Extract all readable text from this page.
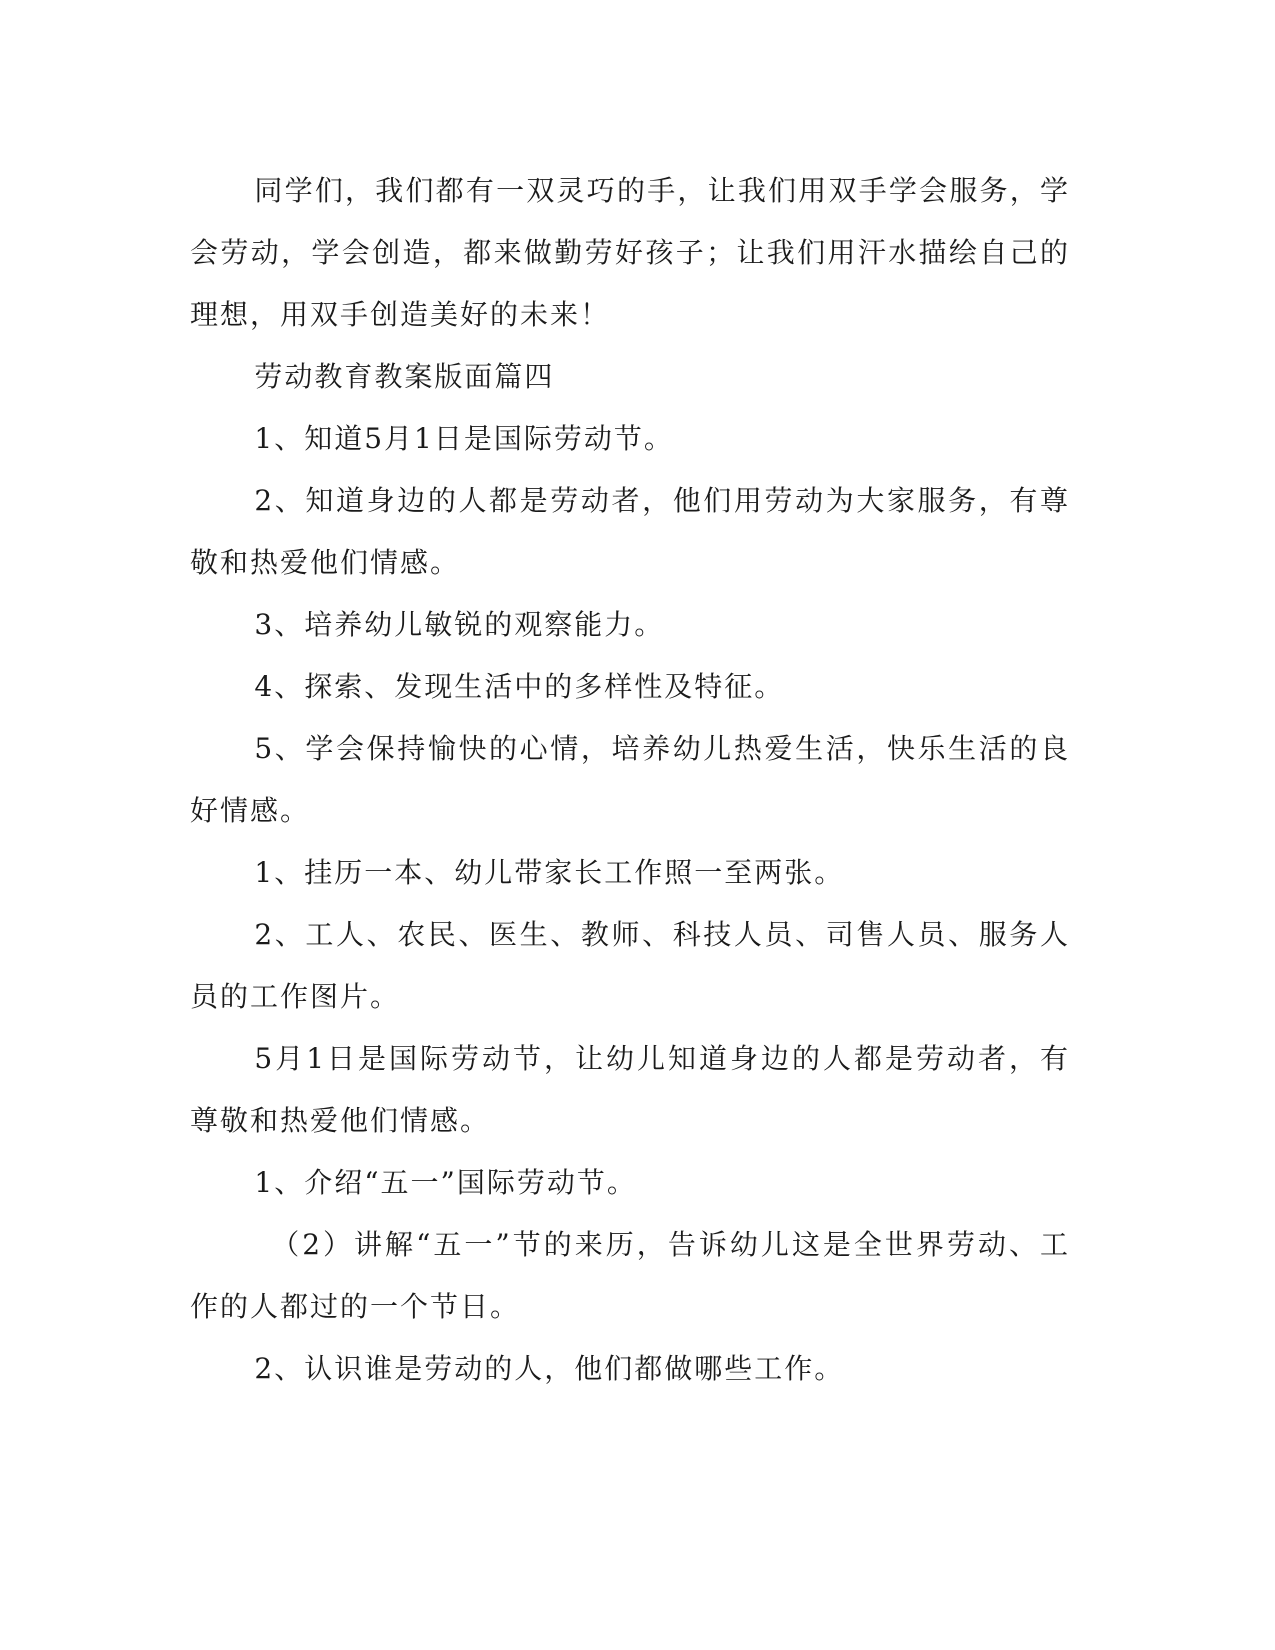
同学们，我们都有一双灵巧的手，让我们用双手学会服务，学会劳动，学会创造，都来做勤劳好孩子；让我们用汗水描绘自己的理想，用双手创造美好的未来！

劳动教育教案版面篇四

1、知道5月1日是国际劳动节。

2、知道身边的人都是劳动者，他们用劳动为大家服务，有尊敬和热爱他们情感。

3、培养幼儿敏锐的观察能力。

4、探索、发现生活中的多样性及特征。

5、学会保持愉快的心情，培养幼儿热爱生活，快乐生活的良好情感。

1、挂历一本、幼儿带家长工作照一至两张。

2、工人、农民、医生、教师、科技人员、司售人员、服务人员的工作图片。

5月1日是国际劳动节，让幼儿知道身边的人都是劳动者，有尊敬和热爱他们情感。

1、介绍“五一”国际劳动节。

（2）讲解“五一”节的来历，告诉幼儿这是全世界劳动、工作的人都过的一个节日。

2、认识谁是劳动的人，他们都做哪些工作。
